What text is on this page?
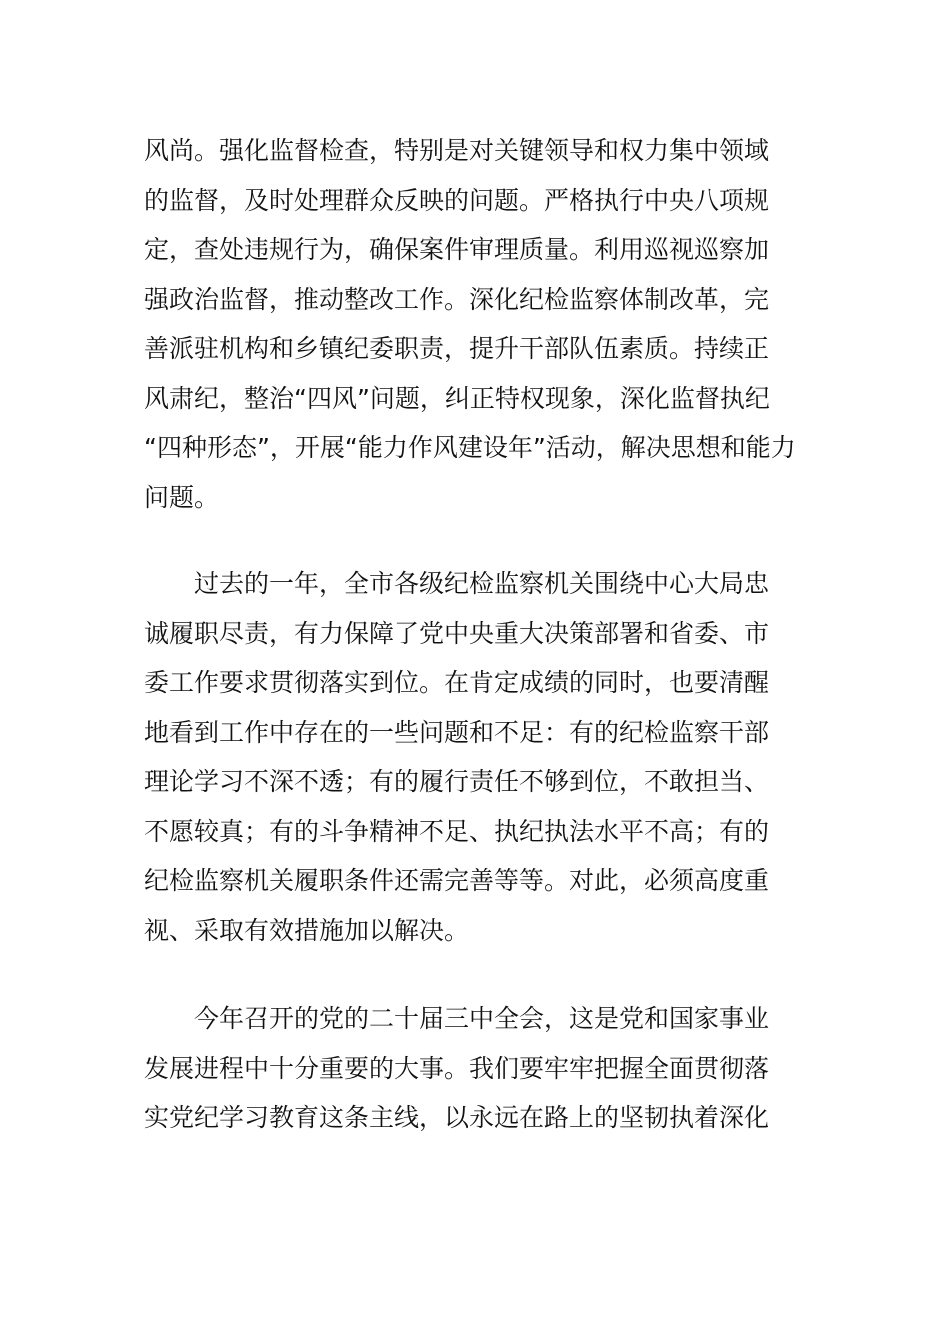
风尚。强化监督检查，特别是对关键领导和权力集中领域
的监督，及时处理群众反映的问题。严格执行中央八项规
定，查处违规行为，确保案件审理质量。利用巡视巡察加
强政治监督，推动整改工作。深化纪检监察体制改革，完
善派驻机构和乡镇纪委职责，提升干部队伍素质。持续正
风肃纪，整治“四风”问题，纠正特权现象，深化监督执纪
“四种形态”，开展“能力作风建设年”活动，解决思想和能力
问题。
过去的一年，全市各级纪检监察机关围绕中心大局忠
诚履职尽责，有力保障了党中央重大决策部署和省委、市
委工作要求贯彻落实到位。在肯定成绩的同时，也要清醒
地看到工作中存在的一些问题和不足：有的纪检监察干部
理论学习不深不透；有的履行责任不够到位，不敢担当、
不愿较真；有的斗争精神不足、执纪执法水平不高；有的
纪检监察机关履职条件还需完善等等。对此，必须高度重
视、采取有效措施加以解决。
今年召开的党的二十届三中全会，这是党和国家事业
发展进程中十分重要的大事。我们要牢牢把握全面贯彻落
实党纪学习教育这条主线，以永远在路上的坚韧执着深化
